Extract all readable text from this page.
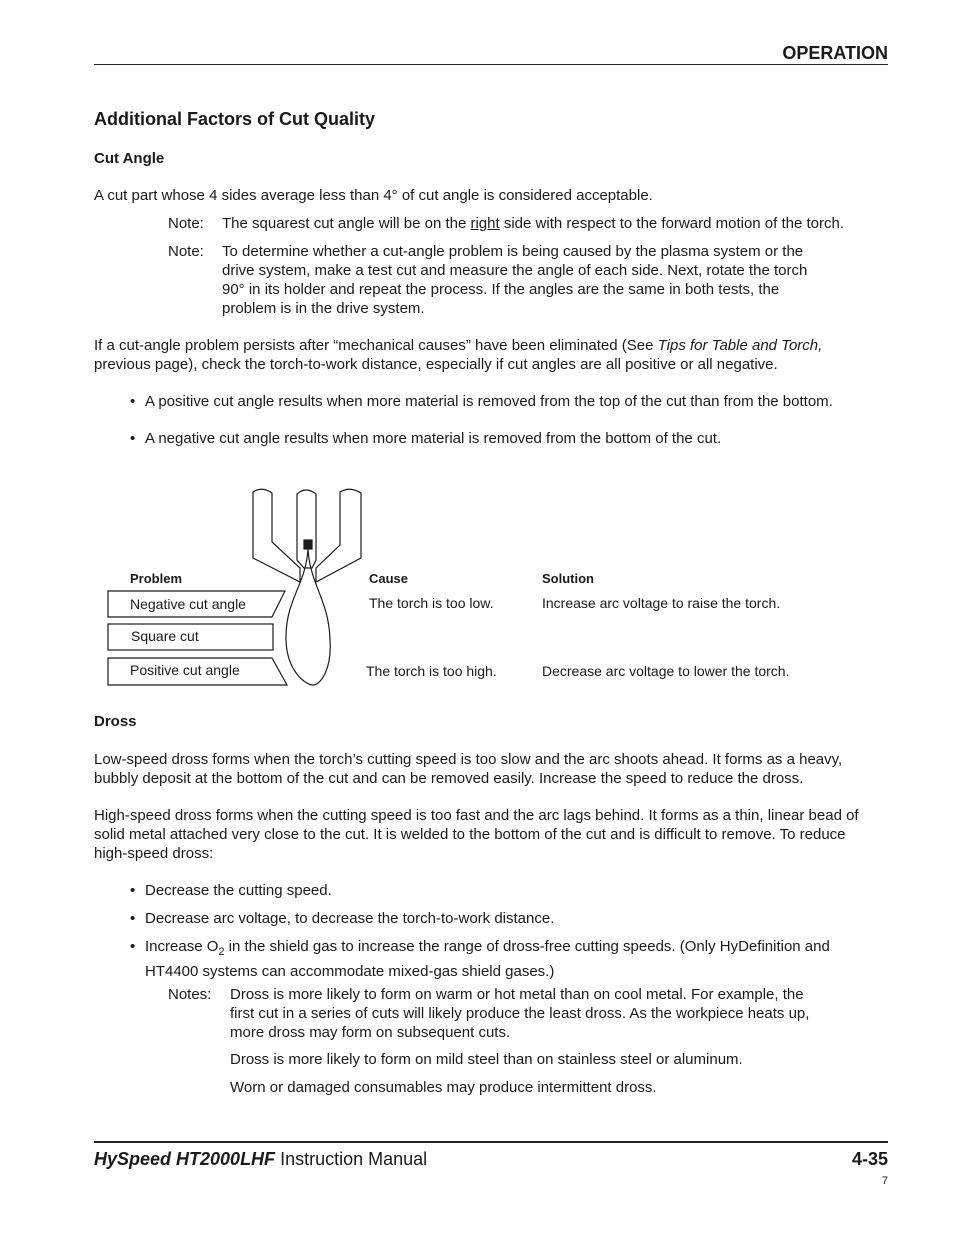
OPERATION
Additional Factors of Cut Quality
Cut Angle
A cut part whose 4 sides average less than 4° of cut angle is considered acceptable.
Note: The squarest cut angle will be on the right side with respect to the forward motion of the torch.
Note: To determine whether a cut-angle problem is being caused by the plasma system or the
drive system, make a test cut and measure the angle of each side. Next, rotate the torch
90° in its holder and repeat the process. If the angles are the same in both tests, the
problem is in the drive system.
If a cut-angle problem persists after “mechanical causes” have been eliminated (See Tips for Table and Torch,
previous page), check the torch-to-work distance, especially if cut angles are all positive or all negative.
• A positive cut angle results when more material is removed from the top of the cut than from the bottom.
• A negative cut angle results when more material is removed from the bottom of the cut.
Problem	Cause	Solution
Negative cut angle	The torch is too low.	Increase arc voltage to raise the torch.
Square cut
Positive cut angle	The torch is too high.	Decrease arc voltage to lower the torch.
Dross
Low-speed dross forms when the torch’s cutting speed is too slow and the arc shoots ahead. It forms as a heavy,
bubbly deposit at the bottom of the cut and can be removed easily. Increase the speed to reduce the dross.
High-speed dross forms when the cutting speed is too fast and the arc lags behind. It forms as a thin, linear bead of
solid metal attached very close to the cut. It is welded to the bottom of the cut and is difficult to remove. To reduce
high-speed dross:
• Decrease the cutting speed.
• Decrease arc voltage, to decrease the torch-to-work distance.
• Increase $O_2$ in the shield gas to increase the range of dross-free cutting speeds. (Only HyDefinition and
HT4400 systems can accommodate mixed-gas shield gases.)
Notes: Dross is more likely to form on warm or hot metal than on cool metal. For example, the
first cut in a series of cuts will likely produce the least dross. As the workpiece heats up,
more dross may form on subsequent cuts.
Dross is more likely to form on mild steel than on stainless steel or aluminum.
Worn or damaged consumables may produce intermittent dross.
HySpeed HT2000LHF Instruction Manual	4-35
7
